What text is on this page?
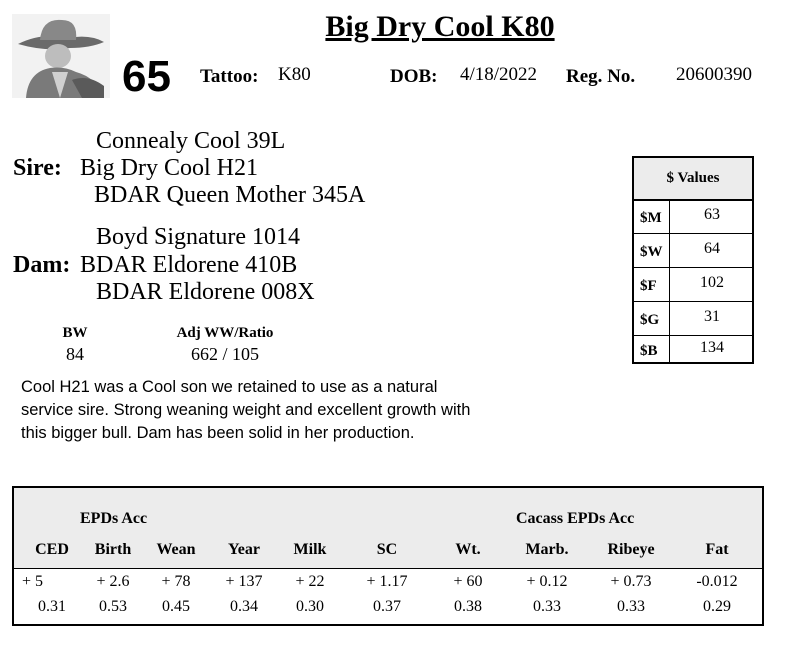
Big Dry Cool K80
65 Tattoo: K80	DOB: 4/18/2022 Reg. No. 20600390
Connealy Cool 39L
Sire: Big Dry Cool H21
BDAR Queen Mother 345A
Boyd Signature 1014
Dam: BDAR Eldorene 410B
BDAR Eldorene 008X
BW
84
Adj WW/Ratio
662 / 105
Cool H21 was a Cool son we retained to use as a natural service sire. Strong weaning weight and excellent growth with this bigger bull. Dam has been solid in her production.
$ Values
$M	63
$W	64
$F	102
$G	31
$B	134
EPDs Acc	Cacass EPDs Acc
CED	Birth	Wean	Year	Milk	SC	Wt.	Marb.	Ribeye	Fat
+ 5	+ 2.6	+ 78	+ 137	+ 22	+ 1.17	+ 60	+ 0.12	+ 0.73	-0.012
0.31	0.53	0.45	0.34	0.30	0.37	0.38	0.33	0.33	0.29
